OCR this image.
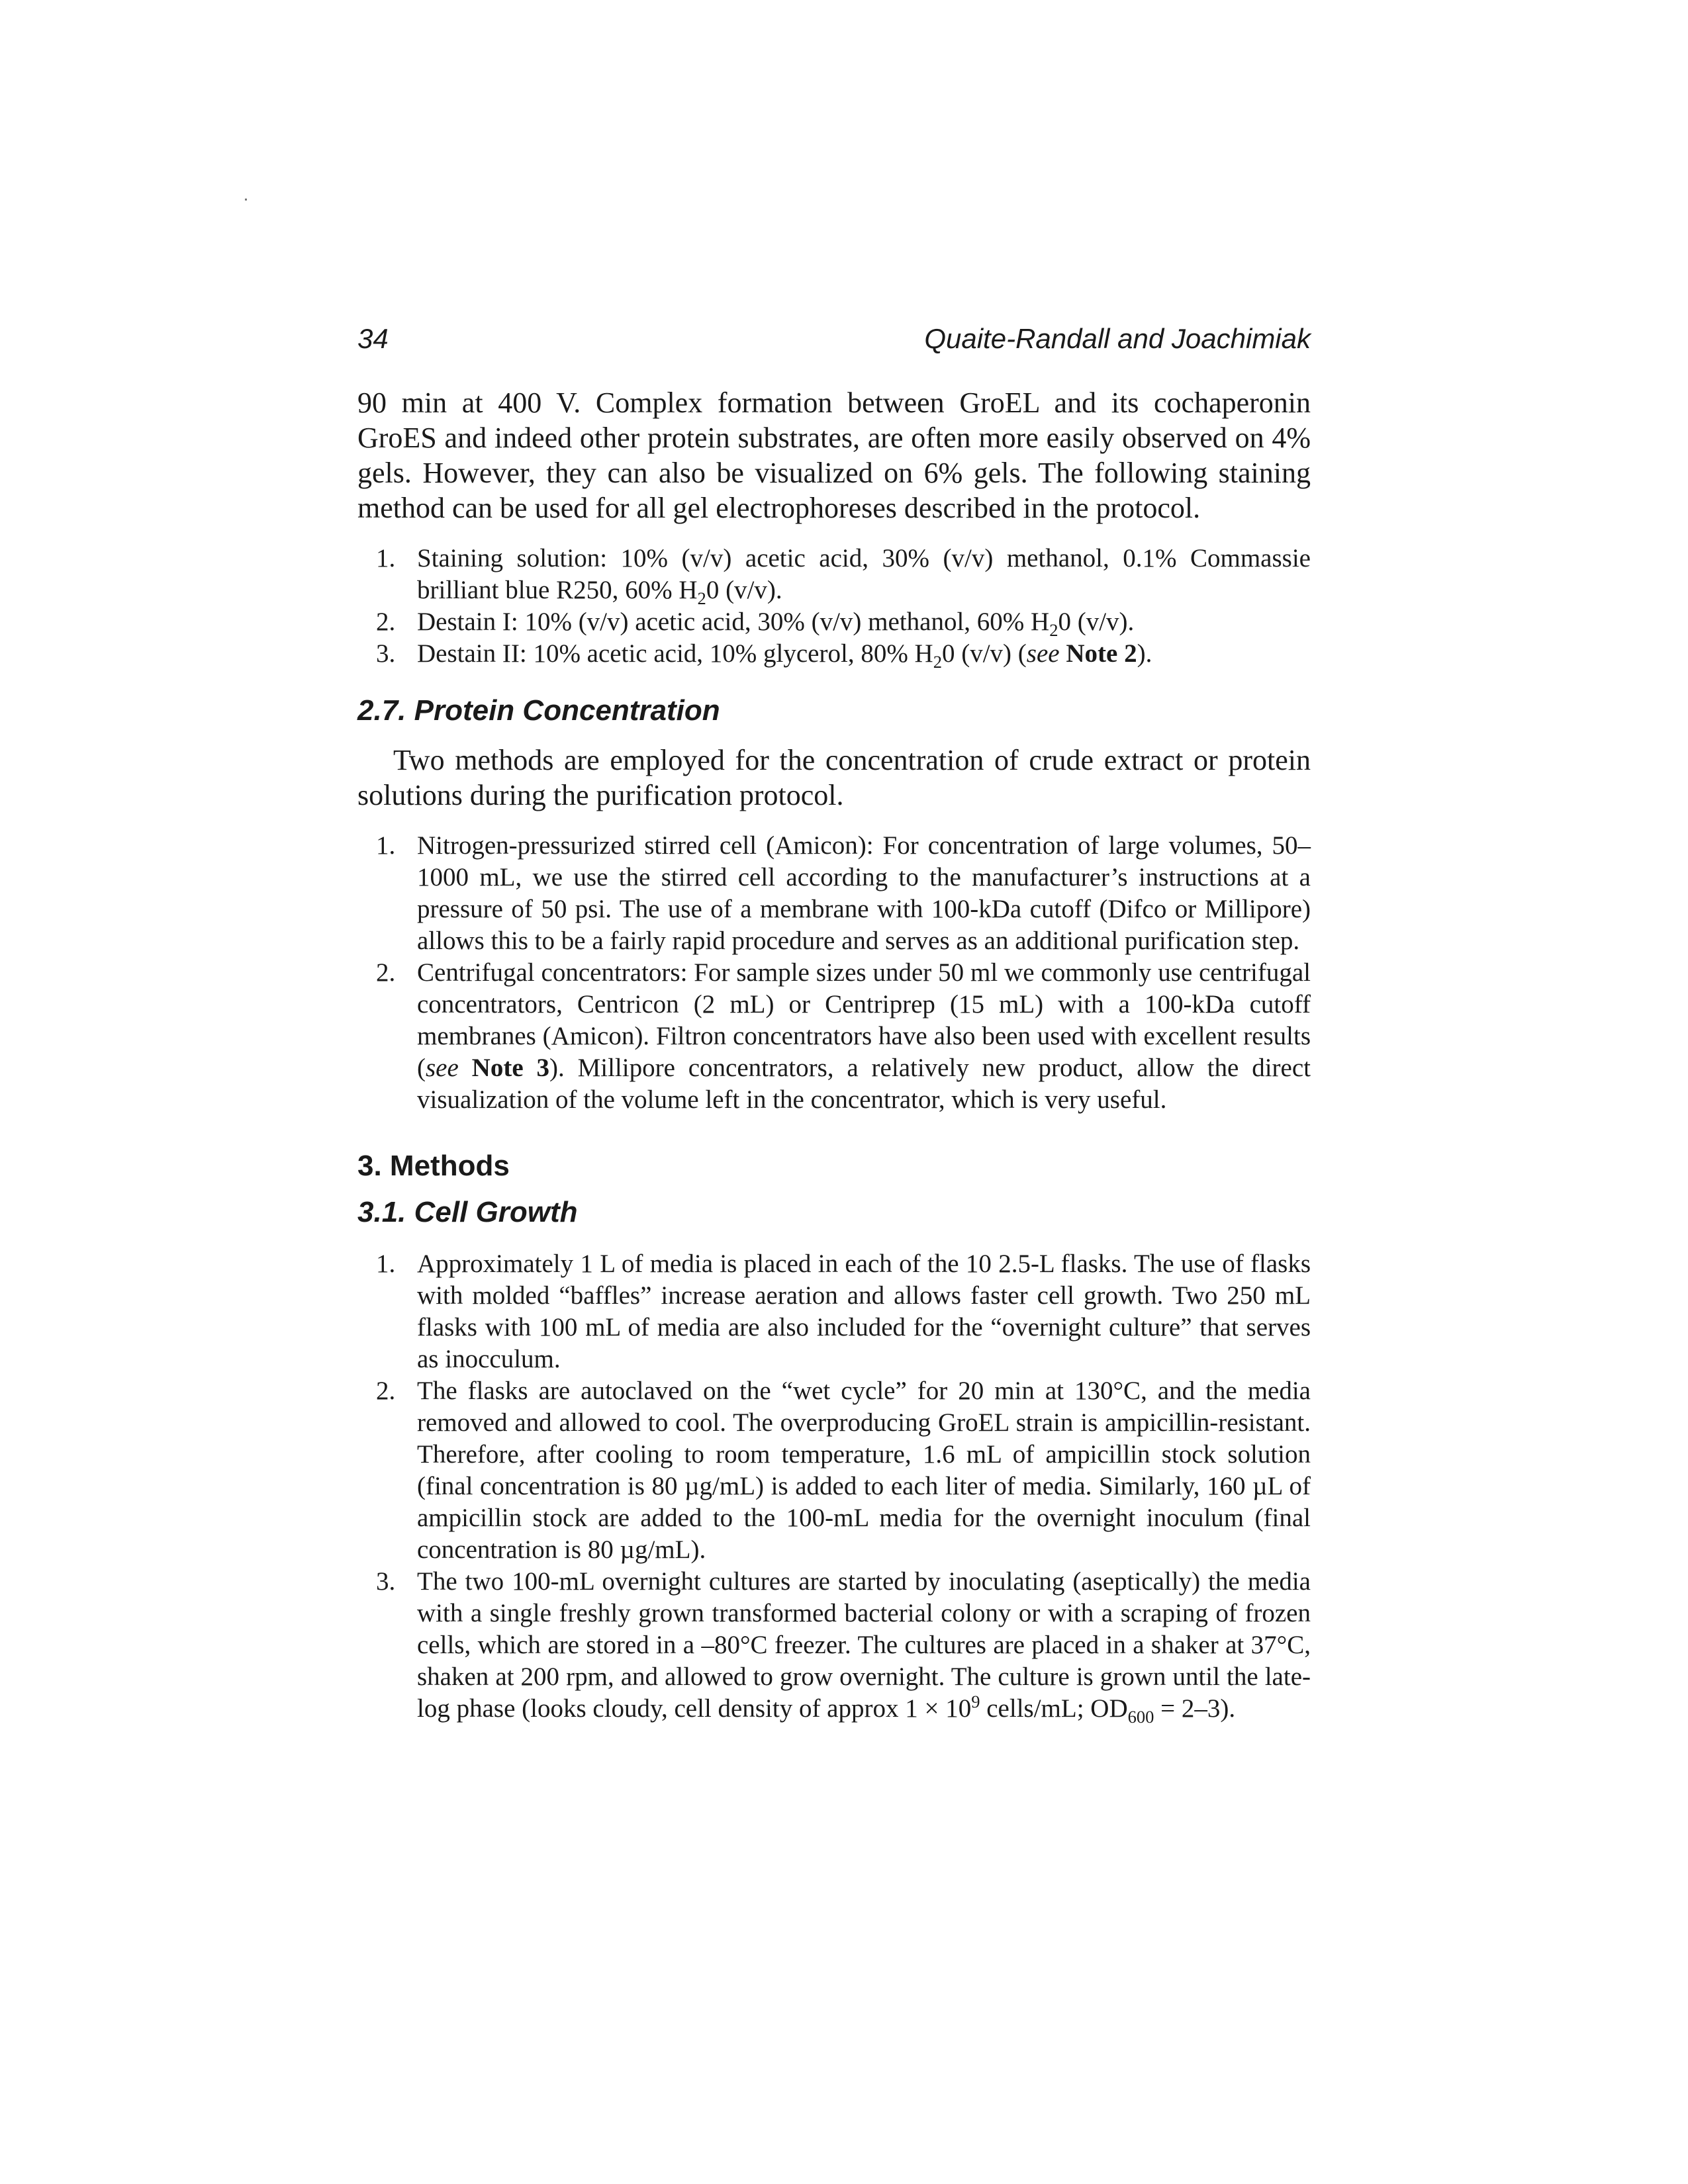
34	Quaite-Randall and Joachimiak

90 min at 400 V. Complex formation between GroEL and its cochaperonin GroES and indeed other protein substrates, are often more easily observed on 4% gels. However, they can also be visualized on 6% gels. The following staining method can be used for all gel electrophoreses described in the protocol.

1. Staining solution: 10% (v/v) acetic acid, 30% (v/v) methanol, 0.1% Commassie brilliant blue R250, 60% $H_20$ (v/v).
2. Destain I: 10% (v/v) acetic acid, 30% (v/v) methanol, 60% $H_20$ (v/v).
3. Destain II: 10% acetic acid, 10% glycerol, 80% $H_20$ (v/v) (see Note 2).
2.7. Protein Concentration

Two methods are employed for the concentration of crude extract or protein solutions during the purification protocol.

1. Nitrogen-pressurized stirred cell (Amicon): For concentration of large volumes, 50–1000 mL, we use the stirred cell according to the manufacturer’s instructions at a pressure of 50 psi. The use of a membrane with 100-kDa cutoff (Difco or Millipore) allows this to be a fairly rapid procedure and serves as an additional purification step.
2. Centrifugal concentrators: For sample sizes under 50 ml we commonly use centrifugal concentrators, Centricon (2 mL) or Centriprep (15 mL) with a 100-kDa cutoff membranes (Amicon). Filtron concentrators have also been used with excellent results (see Note 3). Millipore concentrators, a relatively new product, allow the direct visualization of the volume left in the concentrator, which is very useful.
3. Methods
3.1. Cell Growth
1. Approximately 1 L of media is placed in each of the 10 2.5-L flasks. The use of flasks with molded “baffles” increase aeration and allows faster cell growth. Two 250 mL flasks with 100 mL of media are also included for the “overnight culture” that serves as inocculum.
2. The flasks are autoclaved on the “wet cycle” for 20 min at 130°C, and the media removed and allowed to cool. The overproducing GroEL strain is ampicillin-resistant. Therefore, after cooling to room temperature, 1.6 mL of ampicillin stock solution (final concentration is 80 µg/mL) is added to each liter of media. Similarly, 160 µL of ampicillin stock are added to the 100-mL media for the overnight inoculum (final concentration is 80 µg/mL).
3. The two 100-mL overnight cultures are started by inoculating (aseptically) the media with a single freshly grown transformed bacterial colony or with a scraping of frozen cells, which are stored in a –80°C freezer. The cultures are placed in a shaker at 37°C, shaken at 200 rpm, and allowed to grow overnight. The culture is grown until the late-log phase (looks cloudy, cell density of approx $1 \times 10^9$ cells/mL; $OD_{600} = 2-3$).
